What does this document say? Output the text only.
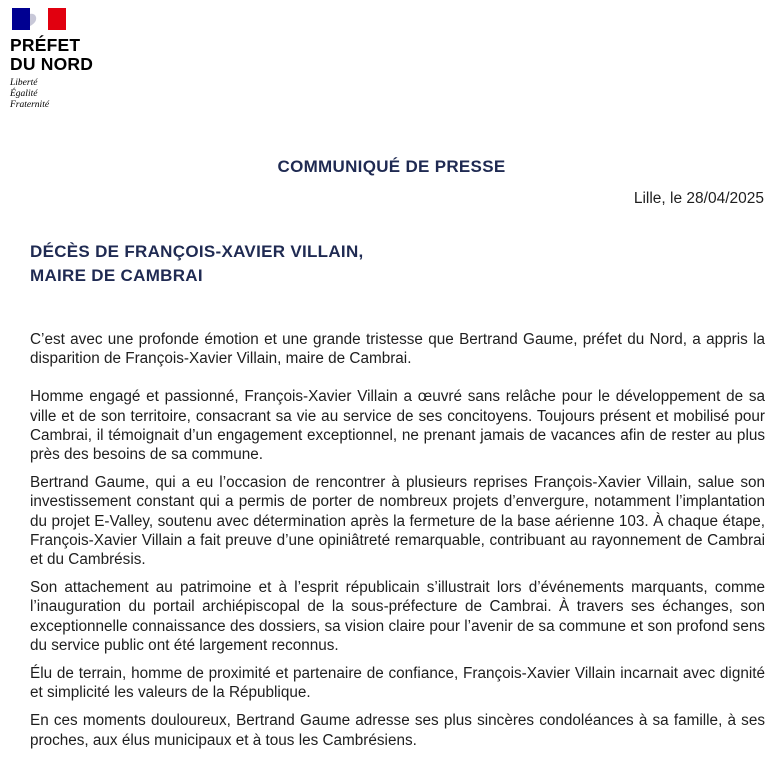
PRÉFET
DU NORD
Liberté
Égalité
Fraternité
COMMUNIQUÉ DE PRESSE
Lille, le 28/04/2025
DÉCÈS DE FRANÇOIS-XAVIER VILLAIN,
MAIRE DE CAMBRAI

C’est avec une profonde émotion et une grande tristesse que Bertrand Gaume, préfet du Nord, a appris la disparition de François-Xavier Villain, maire de Cambrai.

Homme engagé et passionné, François-Xavier Villain a œuvré sans relâche pour le développement de sa ville et de son territoire, consacrant sa vie au service de ses concitoyens. Toujours présent et mobilisé pour Cambrai, il témoignait d’un engagement exceptionnel, ne prenant jamais de vacances afin de rester au plus près des besoins de sa commune.

Bertrand Gaume, qui a eu l’occasion de rencontrer à plusieurs reprises François-Xavier Villain, salue son investissement constant qui a permis de porter de nombreux projets d’envergure, notamment l’implantation du projet E-Valley, soutenu avec détermination après la fermeture de la base aérienne 103. À chaque étape, François-Xavier Villain a fait preuve d’une opiniâtreté remarquable, contribuant au rayonnement de Cambrai et du Cambrésis.

Son attachement au patrimoine et à l’esprit républicain s’illustrait lors d’événements marquants, comme l’inauguration du portail archiépiscopal de la sous-préfecture de Cambrai. À travers ses échanges, son exceptionnelle connaissance des dossiers, sa vision claire pour l’avenir de sa commune et son profond sens du service public ont été largement reconnus.

Élu de terrain, homme de proximité et partenaire de confiance, François-Xavier Villain incarnait avec dignité et simplicité les valeurs de la République.

En ces moments douloureux, Bertrand Gaume adresse ses plus sincères condoléances à sa famille, à ses proches, aux élus municipaux et à tous les Cambrésiens.
